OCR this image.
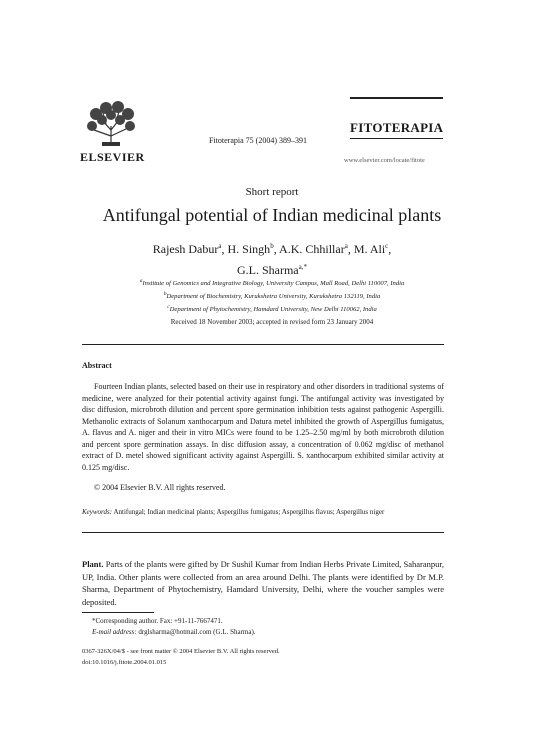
ELSEVIER
Fitoterapia 75 (2004) 389–391
FITOTERAPIA
www.elsevier.com/locate/fitote
Short report
Antifungal potential of Indian medicinal plants
Rajesh Dabur$^a$, H. Singh$^b$, A.K. Chhillar$^a$, M. Ali$^c$,
G.L. Sharma$^{a,*}$
$^a$Institute of Genomics and Integrative Biology, University Campus, Mall Road, Delhi 110007, India
$^b$Department of Biochemistry, Kurukshetra University, Kurukshetra 132119, India
$^c$Department of Phytochemistry, Hamdard University, New Delhi 110062, India
Received 18 November 2003; accepted in revised form 23 January 2004
Abstract

Fourteen Indian plants, selected based on their use in respiratory and other disorders in traditional systems of medicine, were analyzed for their potential activity against fungi. The antifungal activity was investigated by disc diffusion, microbroth dilution and percent spore germination inhibition tests against pathogenic Aspergilli. Methanolic extracts of Solanum xanthocarpum and Datura metel inhibited the growth of Aspergillus fumigatus, A. flavus and A. niger and their in vitro MICs were found to be 1.25–2.50 mg/ml by both microbroth dilution and percent spore germination assays. In disc diffusion assay, a concentration of 0.062 mg/disc of methanol extract of D. metel showed significant activity against Aspergilli. S. xanthocarpum exhibited similar activity at 0.125 mg/disc.

© 2004 Elsevier B.V. All rights reserved.
Keywords: Antifungal; Indian medicinal plants; Aspergillus fumigatus; Aspergillus flavus; Aspergillus niger
Plant. Parts of the plants were gifted by Dr Sushil Kumar from Indian Herbs Private Limited, Saharanpur, UP, India. Other plants were collected from an area around Delhi. The plants were identified by Dr M.P. Sharma, Department of Phytochemistry, Hamdard University, Delhi, where the voucher samples were deposited.
*Corresponding author. Fax: +91-11-7667471.
E-mail address: drglsharma@hotmail.com (G.L. Sharma).
0367-326X/04/$ - see front matter © 2004 Elsevier B.V. All rights reserved.
doi:10.1016/j.fitote.2004.01.015
